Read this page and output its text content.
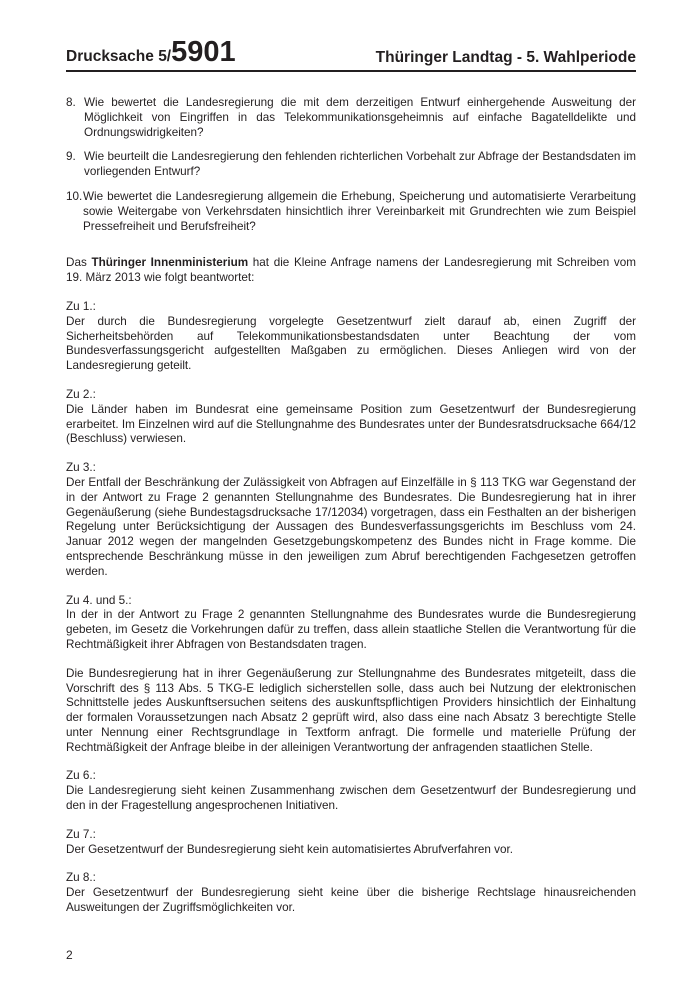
Drucksache 5/5901	Thüringer Landtag - 5. Wahlperiode
8. Wie bewertet die Landesregierung die mit dem derzeitigen Entwurf einhergehende Ausweitung der Möglichkeit von Eingriffen in das Telekommunikationsgeheimnis auf einfache Bagatelldelikte und Ordnungswidrigkeiten?
9. Wie beurteilt die Landesregierung den fehlenden richterlichen Vorbehalt zur Abfrage der Bestandsdaten im vorliegenden Entwurf?
10. Wie bewertet die Landesregierung allgemein die Erhebung, Speicherung und automatisierte Verarbeitung sowie Weitergabe von Verkehrsdaten hinsichtlich ihrer Vereinbarkeit mit Grundrechten wie zum Beispiel Pressefreiheit und Berufsfreiheit?

Das Thüringer Innenministerium hat die Kleine Anfrage namens der Landesregierung mit Schreiben vom 19. März 2013 wie folgt beantwortet:

Zu 1.:

Der durch die Bundesregierung vorgelegte Gesetzentwurf zielt darauf ab, einen Zugriff der Sicherheitsbehörden auf Telekommunikationsbestandsdaten unter Beachtung der vom Bundesverfassungsgericht aufgestellten Maßgaben zu ermöglichen. Dieses Anliegen wird von der Landesregierung geteilt.

Zu 2.:

Die Länder haben im Bundesrat eine gemeinsame Position zum Gesetzentwurf der Bundesregierung erarbeitet. Im Einzelnen wird auf die Stellungnahme des Bundesrates unter der Bundesratsdrucksache 664/12 (Beschluss) verwiesen.

Zu 3.:

Der Entfall der Beschränkung der Zulässigkeit von Abfragen auf Einzelfälle in § 113 TKG war Gegenstand der in der Antwort zu Frage 2 genannten Stellungnahme des Bundesrates. Die Bundesregierung hat in ihrer Gegenäußerung (siehe Bundestagsdrucksache 17/12034) vorgetragen, dass ein Festhalten an der bisherigen Regelung unter Berücksichtigung der Aussagen des Bundesverfassungsgerichts im Beschluss vom 24. Januar 2012 wegen der mangelnden Gesetzgebungskompetenz des Bundes nicht in Frage komme. Die entsprechende Beschränkung müsse in den jeweiligen zum Abruf berechtigenden Fachgesetzen getroffen werden.

Zu 4. und 5.:

In der in der Antwort zu Frage 2 genannten Stellungnahme des Bundesrates wurde die Bundesregierung gebeten, im Gesetz die Vorkehrungen dafür zu treffen, dass allein staatliche Stellen die Verantwortung für die Rechtmäßigkeit ihrer Abfragen von Bestandsdaten tragen.

Die Bundesregierung hat in ihrer Gegenäußerung zur Stellungnahme des Bundesrates mitgeteilt, dass die Vorschrift des § 113 Abs. 5 TKG-E lediglich sicherstellen solle, dass auch bei Nutzung der elektronischen Schnittstelle jedes Auskunftsersuchen seitens des auskunftspflichtigen Providers hinsichtlich der Einhaltung der formalen Voraussetzungen nach Absatz 2 geprüft wird, also dass eine nach Absatz 3 berechtigte Stelle unter Nennung einer Rechtsgrundlage in Textform anfragt. Die formelle und materielle Prüfung der Rechtmäßigkeit der Anfrage bleibe in der alleinigen Verantwortung der anfragenden staatlichen Stelle.

Zu 6.:

Die Landesregierung sieht keinen Zusammenhang zwischen dem Gesetzentwurf der Bundesregierung und den in der Fragestellung angesprochenen Initiativen.

Zu 7.:

Der Gesetzentwurf der Bundesregierung sieht kein automatisiertes Abrufverfahren vor.

Zu 8.:

Der Gesetzentwurf der Bundesregierung sieht keine über die bisherige Rechtslage hinausreichenden Ausweitungen der Zugriffsmöglichkeiten vor.

2
